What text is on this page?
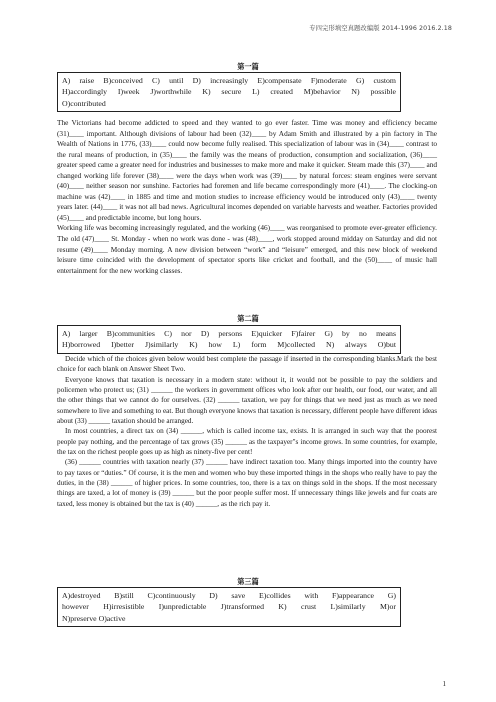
专四完形填空真题改编版 2014-1996 2016.2.18
第一篇

A) raise B)conceived C) until D) increasingly E)compensate F)moderate G) custom

H)accordingly I)week J)worthwhile K) secure L) created M)behavior N) possible

O)contributed

The Victorians had become addicted to speed and they wanted to go ever faster. Time was money and efficiency became (31)____ important. Although divisions of labour had been (32)____ by Adam Smith and illustrated by a pin factory in The Wealth of Nations in 1776, (33)____ could now become fully realised. This specialization of labour was in (34)____ contrast to the rural means of production, in (35)____ the family was the means of production, consumption and socialization, (36)____ greater speed came a greater need for industries and businesses to make more and make it quicker. Steam made this (37)____ and changed working life forever (38)____ were the days when work was (39)____ by natural forces: steam engines were servant (40)____ neither season nor sunshine. Factories had foremen and life became correspondingly more (41)____. The clocking-on machine was (42)____ in 1885 and time and motion studies to increase efficiency would be introduced only (43)____ twenty years later. (44)____ it was not all bad news. Agricultural incomes depended on variable harvests and weather. Factories provided (45)____ and predictable income, but long hours.

Working life was becoming increasingly regulated, and the working (46)____ was reorganised to promote ever-greater efficiency. The old (47)____ St. Monday - when no work was done - was (48)____, work stopped around midday on Saturday and did not resume (49)____ Monday morning. A new division between “work” and “leisure” emerged, and this new block of weekend leisure time coincided with the development of spectator sports like cricket and football, and the (50)____ of music hall entertainment for the new working classes.

第二篇

A) larger B)communities C) nor D) persons E)quicker F)fairer G) by no means

H)borrowed I)better J)similarly K) how L) form M)collected N) always O)but

Decide which of the choices given below would best complete the passage if inserted in the corresponding blanks.Mark the best choice for each blank on Answer Sheet Two.

Everyone knows that taxation is necessary in a modern state: without it, it would not be possible to pay the soldiers and policemen who protect us; (31) ______ the workers in government offices who look after our health, our food, our water, and all the other things that we cannot do for ourselves. (32) ______ taxation, we pay for things that we need just as much as we need somewhere to live and something to eat. But though everyone knows that taxation is necessary, different people have different ideas about (33) ______ taxation should be arranged.

In most countries, a direct tax on (34) ______, which is called income tax, exists. It is arranged in such way that the poorest people pay nothing, and the percentage of tax grows (35) ______ as the taxpayer"s income grows. In some countries, for example, the tax on the richest people goes up as high as ninety-five per cent!

(36) ______ countries with taxation nearly (37) ______ have indirect taxation too. Many things imported into the country have to pay taxes or “duties.” Of course, it is the men and women who buy these imported things in the shops who really have to pay the duties, in the (38) ______ of higher prices. In some countries, too, there is a tax on things sold in the shops. If the most necessary things are taxed, a lot of money is (39) ______ but the poor people suffer most. If unnecessary things like jewels and fur coats are taxed, less money is obtained but the tax is (40) ______, as the rich pay it.

第三篇

A)destroyed B)still C)continuously D) save E)collides with F)appearance G)

however H)irresistible I)unpredictable J)transformed K) crust L)similarly M)or

N)preserve O)active

1
